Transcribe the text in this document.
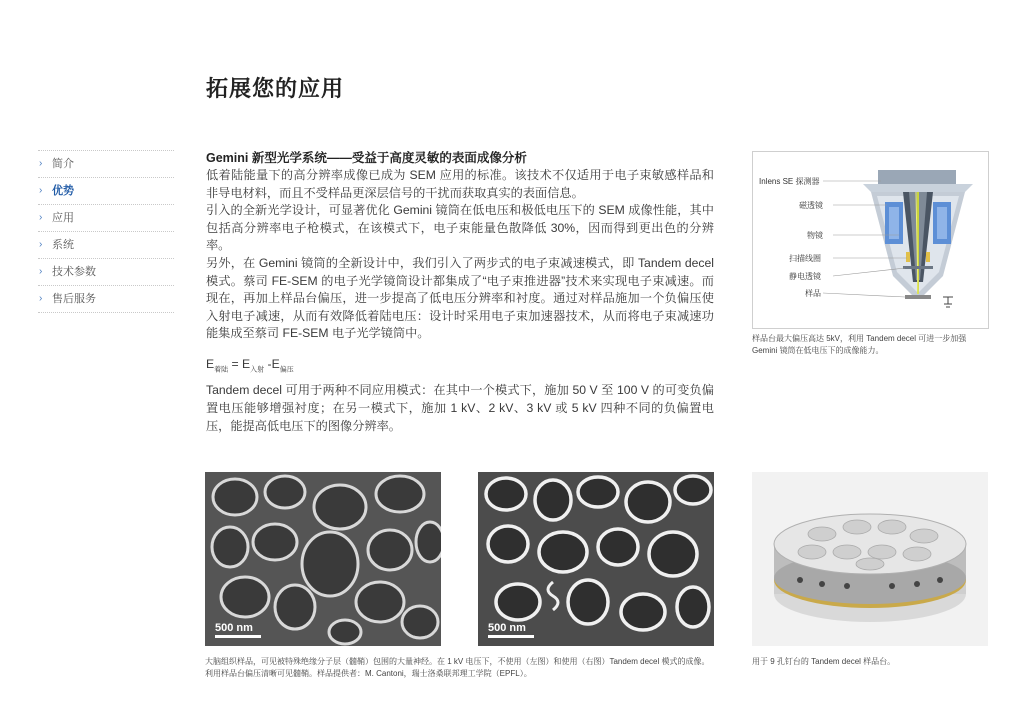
拓展您的应用
› 简介
› 优势
› 应用
› 系统
› 技术参数
› 售后服务

Gemini 新型光学系统——受益于高度灵敏的表面成像分析

低着陆能量下的高分辨率成像已成为 SEM 应用的标准。该技术不仅适用于电子束敏感样品和非导电材料，而且不受样品更深层信号的干扰而获取真实的表面信息。

引入的全新光学设计，可显著优化 Gemini 镜筒在低电压和极低电压下的 SEM 成像性能，其中包括高分辨率电子枪模式，在该模式下，电子束能量色散降低 30%，因而得到更出色的分辨率。

另外，在 Gemini 镜筒的全新设计中，我们引入了两步式的电子束减速模式，即 Tandem decel 模式。蔡司 FE-SEM 的电子光学镜筒设计都集成了“电子束推进器”技术来实现电子束减速。而现在，再加上样品台偏压，进一步提高了低电压分辨率和衬度。通过对样品施加一个负偏压使入射电子减速，从而有效降低着陆电压：设计时采用电子束加速器技术，从而将电子束减速功能集成至蔡司 FE-SEM 电子光学镜筒中。

$E_{着陆} = E_{入射}$ $-E_{偏压}$

Tandem decel 可用于两种不同应用模式：在其中一个模式下，施加 50 V 至 100 V 的可变负偏置电压能够增强衬度；在另一模式下，施加 1 kV、2 kV、3 kV 或 5 kV 四种不同的负偏置电压，能提高低电压下的图像分辨率。

Inlens SE 探测器
磁透镜
物镜
扫描线圈
静电透镜
样品
样品台最大偏压高达 5kV，利用 Tandem decel 可进一步加强 Gemini 镜筒在低电压下的成像能力。
500 nm	500 nm
大脑组织样品，可见被特殊绝缘分子层（髓鞘）包围的大量神经。在 1 kV 电压下，不使用（左图）和使用（右图）Tandem decel 模式的成像。利用样品台偏压清晰可见髓鞘。样品提供者：M. Cantoni，瑞士洛桑联邦理工学院（EPFL）。
用于 9 孔钉台的 Tandem decel 样品台。
